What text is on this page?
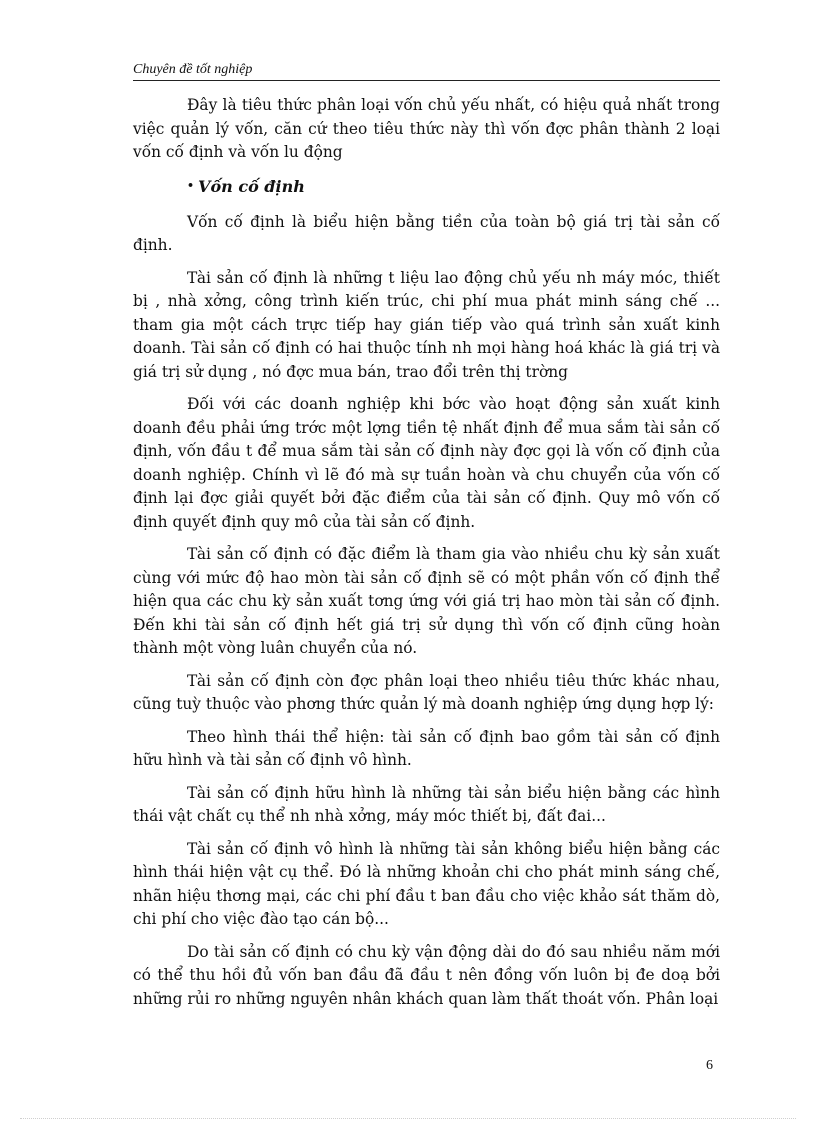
Chuyên đề tốt nghiệp

Đây là tiêu thức phân loại vốn chủ yếu nhất, có hiệu quả nhất trong việc quản lý vốn, căn cứ theo tiêu thức này thì vốn đợc phân thành 2 loại vốn cố định và vốn lu động

• Vốn cố định

Vốn cố định là biểu hiện bằng tiền của toàn bộ giá trị tài sản cố định.

Tài sản cố định là những t liệu lao động chủ yếu nh máy móc, thiết bị , nhà xởng, công trình kiến trúc, chi phí mua phát minh sáng chế ... tham gia một cách trực tiếp hay gián tiếp vào quá trình sản xuất kinh doanh. Tài sản cố định có hai thuộc tính nh mọi hàng hoá khác là giá trị và giá trị sử dụng , nó đợc mua bán, trao đổi trên thị trờng

Đối với các doanh nghiệp khi bớc vào hoạt động sản xuất kinh doanh đều phải ứng trớc một lợng tiền tệ nhất định để mua sắm tài sản cố định, vốn đầu t để mua sắm tài sản cố định này đợc gọi là vốn cố định của doanh nghiệp. Chính vì lẽ đó mà sự tuần hoàn và chu chuyển của vốn cố định lại đợc giải quyết bởi đặc điểm của tài sản cố định. Quy mô vốn cố định quyết định quy mô của tài sản cố định.

Tài sản cố định có đặc điểm là tham gia vào nhiều chu kỳ sản xuất cùng với mức độ hao mòn tài sản cố định sẽ có một phần vốn cố định thể hiện qua các chu kỳ sản xuất tơng ứng với giá trị hao mòn tài sản cố định. Đến khi tài sản cố định hết giá trị sử dụng thì vốn cố định cũng hoàn thành một vòng luân chuyển của nó.

Tài sản cố định còn đợc phân loại theo nhiều tiêu thức khác nhau, cũng tuỳ thuộc vào phơng thức quản lý mà doanh nghiệp ứng dụng hợp lý:

Theo hình thái thể hiện: tài sản cố định bao gồm tài sản cố định hữu hình và tài sản cố định vô hình.

Tài sản cố định hữu hình là những tài sản biểu hiện bằng các hình thái vật chất cụ thể nh nhà xởng, máy móc thiết bị, đất đai...

Tài sản cố định vô hình là những tài sản không biểu hiện bằng các hình thái hiện vật cụ thể. Đó là những khoản chi cho phát minh sáng chế, nhãn hiệu thơng mại, các chi phí đầu t ban đầu cho việc khảo sát thăm dò, chi phí cho việc đào tạo cán bộ...

Do tài sản cố định có chu kỳ vận động dài do đó sau nhiều năm mới có thể thu hồi đủ vốn ban đầu đã đầu t nên đồng vốn luôn bị đe doạ bởi những rủi ro những nguyên nhân khách quan làm thất thoát vốn. Phân loại

6
